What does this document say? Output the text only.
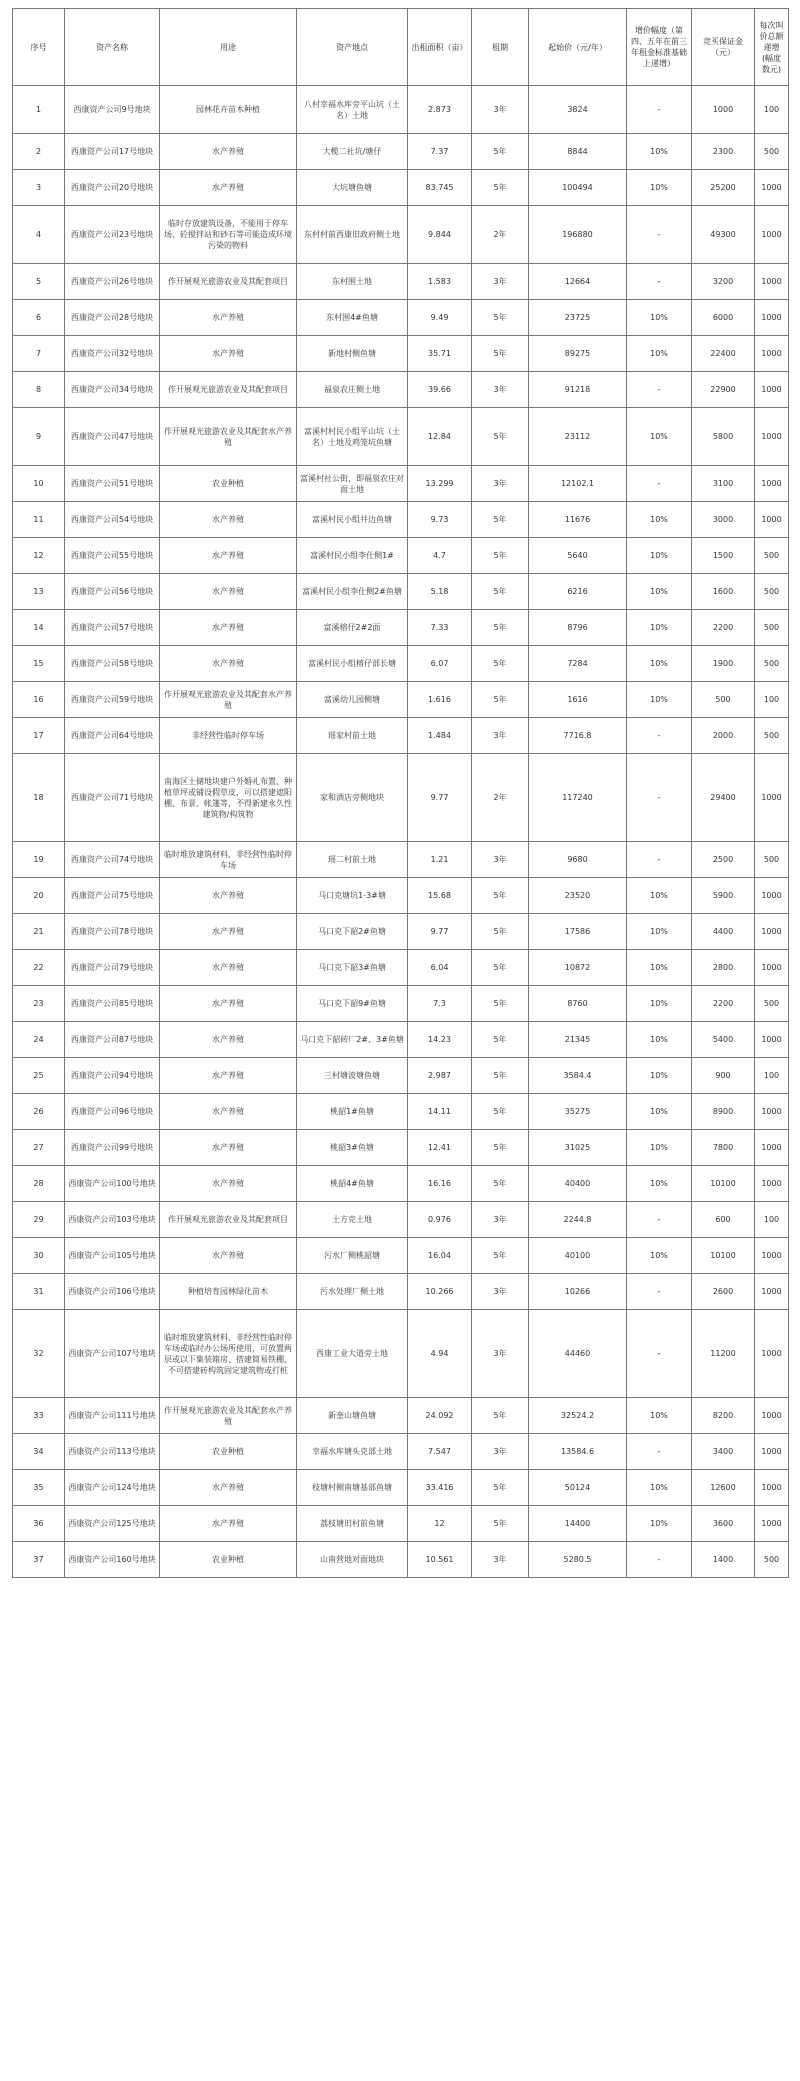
序号	资产名称	用途	资产地点	出租面积（亩）	租期	起始价（元/年）	增价幅度（第四、五年在前三年租金标准基础上递增）	竞买保证金（元）	每次叫价总额递增(幅度数元)
1	西康资产公司9号地块	园林花卉苗木种植	八村幸福水库旁平山坑（土名）土地	2.873	3年	3824	-	1000	100
2	西康资产公司17号地块	水产养殖	大榄二社坑/塘仔	7.37	5年	8844	10%	2300	500
3	西康资产公司20号地块	水产养殖	大坑塘鱼塘	83.745	5年	100494	10%	25200	1000
4	西康资产公司23号地块	临时存放建筑设备，不能用于停车场、砼搅拌站和砂石等可能造成环境污染的物料	东村村前西康旧政府侧土地	9.844	2年	196880	-	49300	1000
5	西康资产公司26号地块	作开展观光旅游农业及其配套项目	东村围土地	1.583	3年	12664	-	3200	1000
6	西康资产公司28号地块	水产养殖	东村围4#鱼塘	9.49	5年	23725	10%	6000	1000
7	西康资产公司32号地块	水产养殖	新地村侧鱼塘	35.71	5年	89275	10%	22400	1000
8	西康资产公司34号地块	作开展观光旅游农业及其配套项目	福泉农庄侧土地	39.66	3年	91218	-	22900	1000
9	西康资产公司47号地块	作开展观光旅游农业及其配套水产养殖	富溪村村民小组平山坑（土名）土地及鸡笼坑鱼塘	12.84	5年	23112	10%	5800	1000
10	西康资产公司51号地块	农业种植	富溪村社公街，即福泉农庄对面土地	13.299	3年	12102.1	-	3100	1000
11	西康资产公司54号地块	水产养殖	富溪村民小组井边鱼塘	9.73	5年	11676	10%	3000	1000
12	西康资产公司55号地块	水产养殖	富溪村民小组李仕侧1#	4.7	5年	5640	10%	1500	500
13	西康资产公司56号地块	水产养殖	富溪村民小组李仕侧2#鱼塘	5.18	5年	6216	10%	1600	500
14	西康资产公司57号地块	水产养殖	富溪榕仔2#2面	7.33	5年	8796	10%	2200	500
15	西康资产公司58号地块	水产养殖	富溪村民小组榕仔部长塘	6.07	5年	7284	10%	1900	500
16	西康资产公司59号地块	作开展观光旅游农业及其配套水产养殖	富溪幼儿园侧塘	1.616	5年	1616	10%	500	100
17	西康资产公司64号地块	非经营性临时停车场	瑶家村前土地	1.484	3年	7716.8	-	2000	500
18	西康资产公司71号地块	南海区土储地块建户外婚礼布置、种植草坪或铺设假草皮，可以搭建遮阳棚、布景、帐篷等，不得新建永久性建筑物/构筑物	家和酒店旁侧地块	9.77	2年	117240	-	29400	1000
19	西康资产公司74号地块	临时堆放建筑材料、非经营性临时停车场	瑶二村前土地	1.21	3年	9680	-	2500	500
20	西康资产公司75号地块	水产养殖	马口克塘坑1-3#塘	15.68	5年	23520	10%	5900	1000
21	西康资产公司78号地块	水产养殖	马口克下韶2#鱼塘	9.77	5年	17586	10%	4400	1000
22	西康资产公司79号地块	水产养殖	马口克下韶3#鱼塘	6.04	5年	10872	10%	2800	1000
23	西康资产公司85号地块	水产养殖	马口克下韶9#鱼塘	7.3	5年	8760	10%	2200	500
24	西康资产公司87号地块	水产养殖	马口克下韶砖厂2#、3#鱼塘	14.23	5年	21345	10%	5400	1000
25	西康资产公司94号地块	水产养殖	三村塘波塘鱼塘	2.987	5年	3584.4	10%	900	100
26	西康资产公司96号地块	水产养殖	桃韶1#鱼塘	14.11	5年	35275	10%	8900	1000
27	西康资产公司99号地块	水产养殖	桃韶3#鱼塘	12.41	5年	31025	10%	7800	1000
28	西康资产公司100号地块	水产养殖	桃韶4#鱼塘	16.16	5年	40400	10%	10100	1000
29	西康资产公司103号地块	作开展观光旅游农业及其配套项目	土方克土地	0.976	3年	2244.8	-	600	100
30	西康资产公司105号地块	水产养殖	污水厂侧桃韶塘	16.04	5年	40100	10%	10100	1000
31	西康资产公司106号地块	种植培育园林绿化苗木	污水处理厂侧土地	10.266	3年	10266	-	2600	1000
32	西康资产公司107号地块	临时堆放建筑材料、非经营性临时停车场或临时办公场所使用，可放置两层或以下集装箱房、搭建简易铁棚，不可搭建砖构筑固定建筑物或打桩	西康工业大道旁土地	4.94	3年	44460	-	11200	1000
33	西康资产公司111号地块	作开展观光旅游农业及其配套水产养殖	新奎山塘鱼塘	24.092	5年	32524.2	10%	8200	1000
34	西康资产公司113号地块	农业种植	幸福水库塘头克部土地	7.547	3年	13584.6	-	3400	1000
35	西康资产公司124号地块	水产养殖	枝塘村侧南塘基部鱼塘	33.416	5年	50124	10%	12600	1000
36	西康资产公司125号地块	水产养殖	荔枝塘旧村前鱼塘	12	5年	14400	10%	3600	1000
37	西康资产公司160号地块	农业种植	山南营地对面地块	10.561	3年	5280.5	-	1400	500
